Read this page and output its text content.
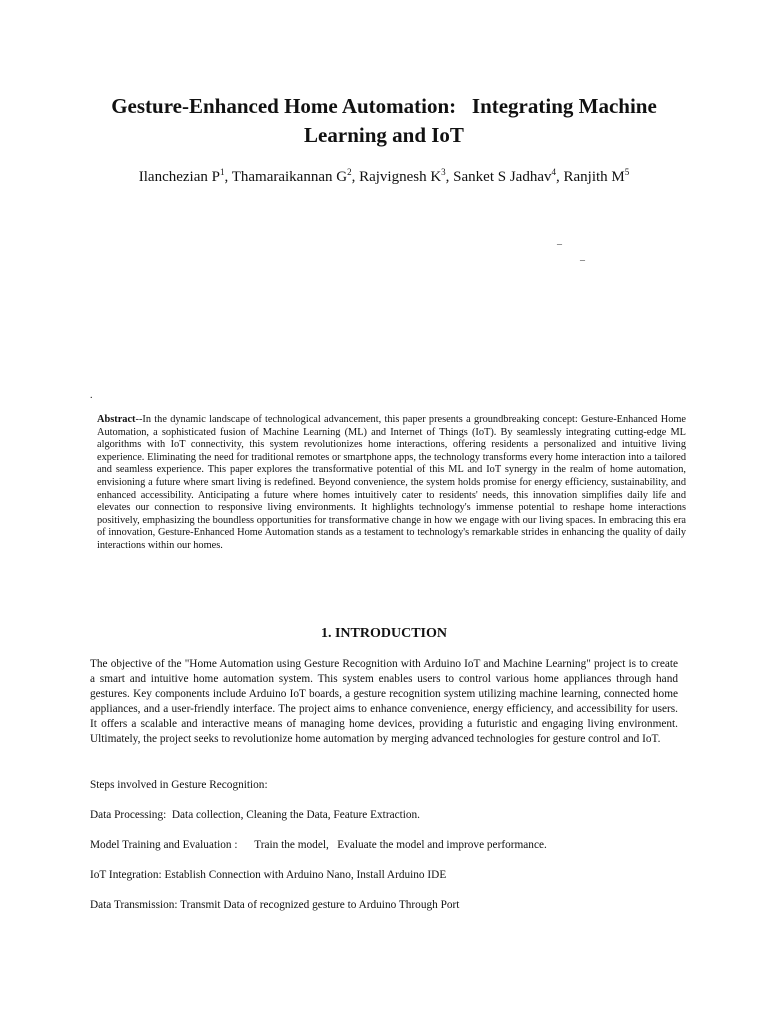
Gesture-Enhanced Home Automation:   Integrating Machine
Learning and IoT
Ilanchezian $P^1$, Thamaraikannan $G^2$, Rajvignesh $K^3$, Sanket S Jadhav$^4$, Ranjith $M^5$
_
_
.
Abstract--In the dynamic landscape of technological advancement, this paper presents a groundbreaking concept: Gesture-Enhanced Home Automation, a sophisticated fusion of Machine Learning (ML) and Internet of Things (IoT). By seamlessly integrating cutting-edge ML algorithms with IoT connectivity, this system revolutionizes home interactions, offering residents a personalized and intuitive living experience. Eliminating the need for traditional remotes or smartphone apps, the technology transforms every home interaction into a tailored and seamless experience. This paper explores the transformative potential of this ML and IoT synergy in the realm of home automation, envisioning a future where smart living is redefined. Beyond convenience, the system holds promise for energy efficiency, sustainability, and enhanced accessibility. Anticipating a future where homes intuitively cater to residents' needs, this innovation simplifies daily life and elevates our connection to responsive living environments. It highlights technology's immense potential to reshape home interactions positively, emphasizing the boundless opportunities for transformative change in how we engage with our living spaces. In embracing this era of innovation, Gesture-Enhanced Home Automation stands as a testament to technology's remarkable strides in enhancing the quality of daily interactions within our homes.
1. INTRODUCTION
The objective of the "Home Automation using Gesture Recognition with Arduino IoT and Machine Learning" project is to create a smart and intuitive home automation system. This system enables users to control various home appliances through hand gestures. Key components include Arduino IoT boards, a gesture recognition system utilizing machine learning, connected home appliances, and a user-friendly interface. The project aims to enhance convenience, energy efficiency, and accessibility for users. It offers a scalable and interactive means of managing home devices, providing a futuristic and engaging living environment. Ultimately, the project seeks to revolutionize home automation by merging advanced technologies for gesture control and IoT.
Steps involved in Gesture Recognition:
Data Processing:  Data collection, Cleaning the Data, Feature Extraction.
Model Training and Evaluation :      Train the model,   Evaluate the model and improve performance.
IoT Integration: Establish Connection with Arduino Nano, Install Arduino IDE
Data Transmission: Transmit Data of recognized gesture to Arduino Through Port
